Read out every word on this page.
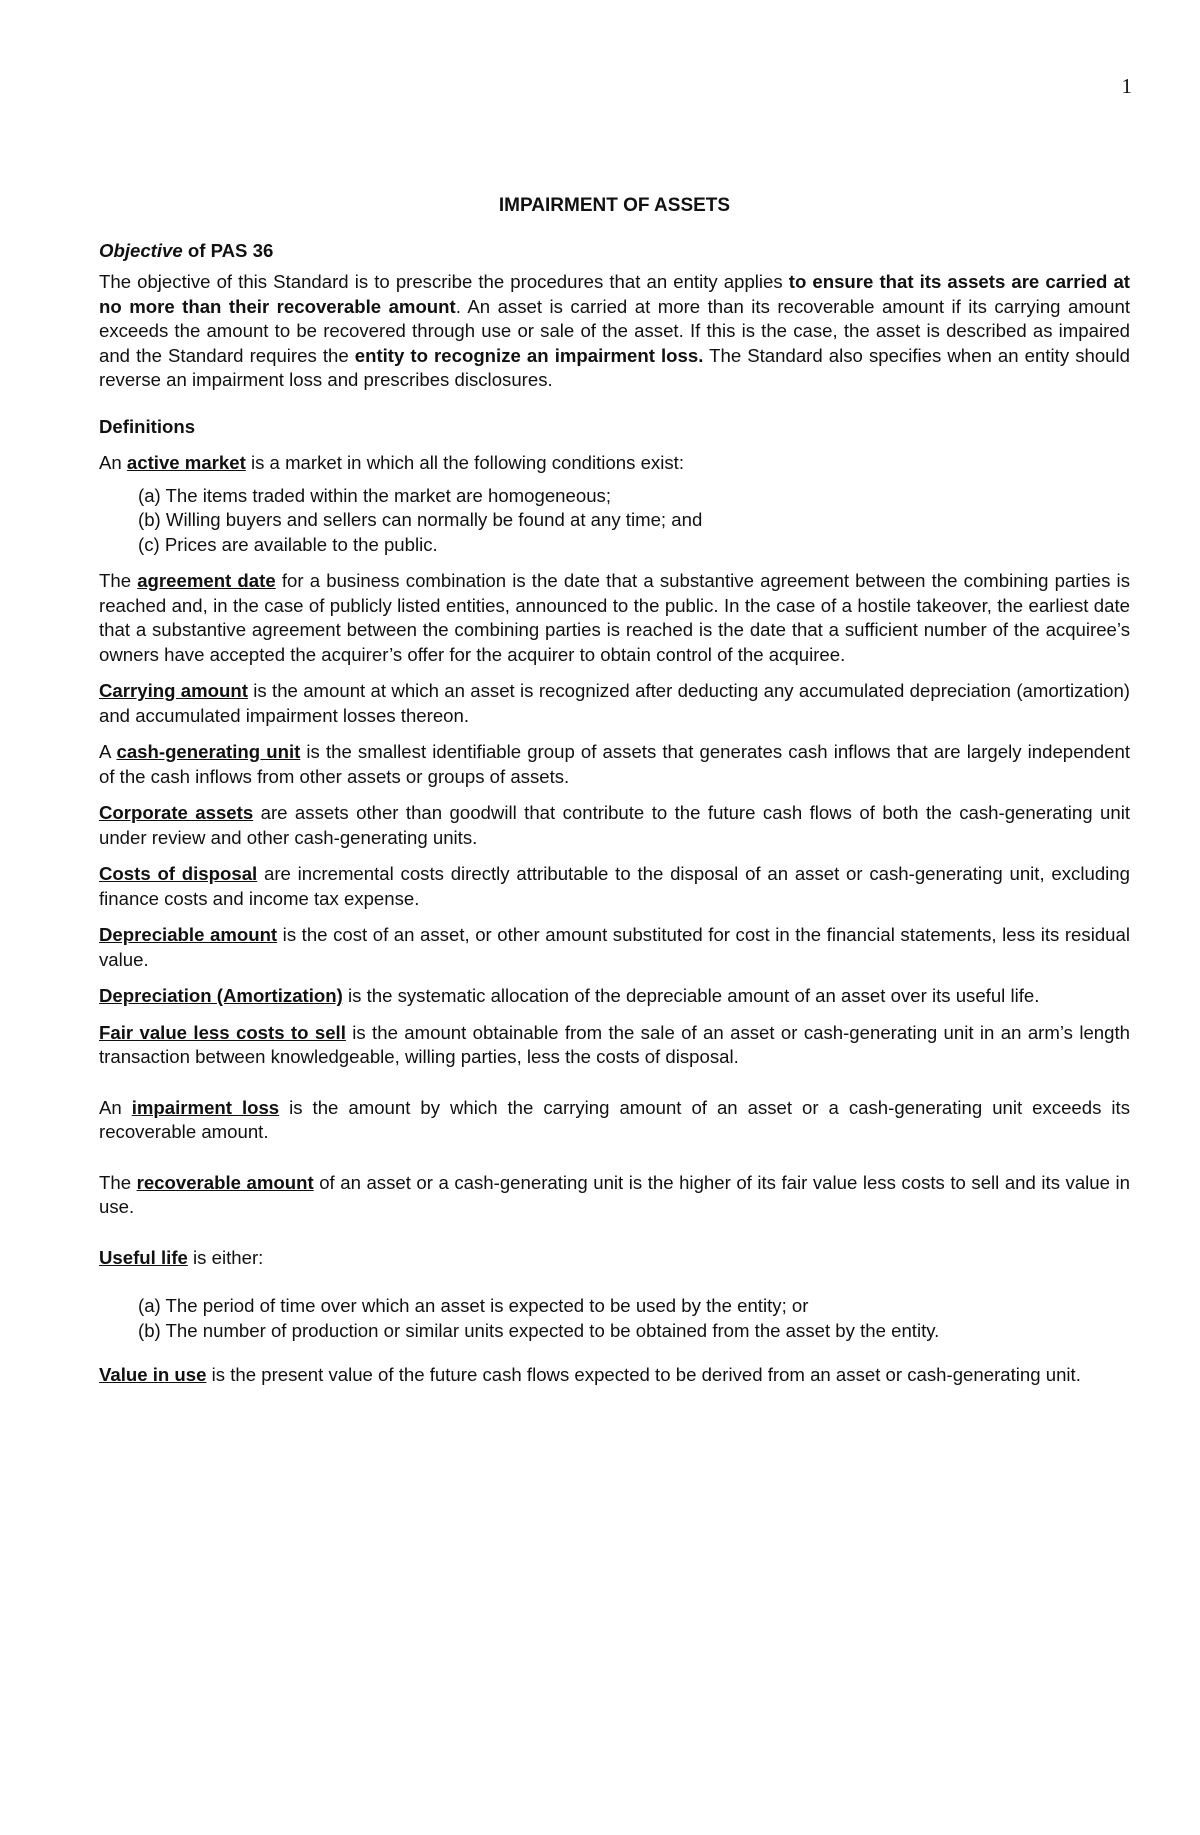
1
IMPAIRMENT OF ASSETS
Objective of PAS 36

The objective of this Standard is to prescribe the procedures that an entity applies to ensure that its assets are carried at no more than their recoverable amount. An asset is carried at more than its recoverable amount if its carrying amount exceeds the amount to be recovered through use or sale of the asset. If this is the case, the asset is described as impaired and the Standard requires the entity to recognize an impairment loss. The Standard also specifies when an entity should reverse an impairment loss and prescribes disclosures.

Definitions

An active market is a market in which all the following conditions exist:

(a) The items traded within the market are homogeneous;
(b) Willing buyers and sellers can normally be found at any time; and
(c) Prices are available to the public.

The agreement date for a business combination is the date that a substantive agreement between the combining parties is reached and, in the case of publicly listed entities, announced to the public. In the case of a hostile takeover, the earliest date that a substantive agreement between the combining parties is reached is the date that a sufficient number of the acquiree’s owners have accepted the acquirer’s offer for the acquirer to obtain control of the acquiree.

Carrying amount is the amount at which an asset is recognized after deducting any accumulated depreciation (amortization) and accumulated impairment losses thereon.

A cash-generating unit is the smallest identifiable group of assets that generates cash inflows that are largely independent of the cash inflows from other assets or groups of assets.

Corporate assets are assets other than goodwill that contribute to the future cash flows of both the cash-generating unit under review and other cash-generating units.

Costs of disposal are incremental costs directly attributable to the disposal of an asset or cash-generating unit, excluding finance costs and income tax expense.

Depreciable amount is the cost of an asset, or other amount substituted for cost in the financial statements, less its residual value.

Depreciation (Amortization) is the systematic allocation of the depreciable amount of an asset over its useful life.

Fair value less costs to sell is the amount obtainable from the sale of an asset or cash-generating unit in an arm’s length transaction between knowledgeable, willing parties, less the costs of disposal.

An impairment loss is the amount by which the carrying amount of an asset or a cash-generating unit exceeds its recoverable amount.

The recoverable amount of an asset or a cash-generating unit is the higher of its fair value less costs to sell and its value in use.

Useful life is either:

(a) The period of time over which an asset is expected to be used by the entity; or
(b) The number of production or similar units expected to be obtained from the asset by the entity.

Value in use is the present value of the future cash flows expected to be derived from an asset or cash-generating unit.
